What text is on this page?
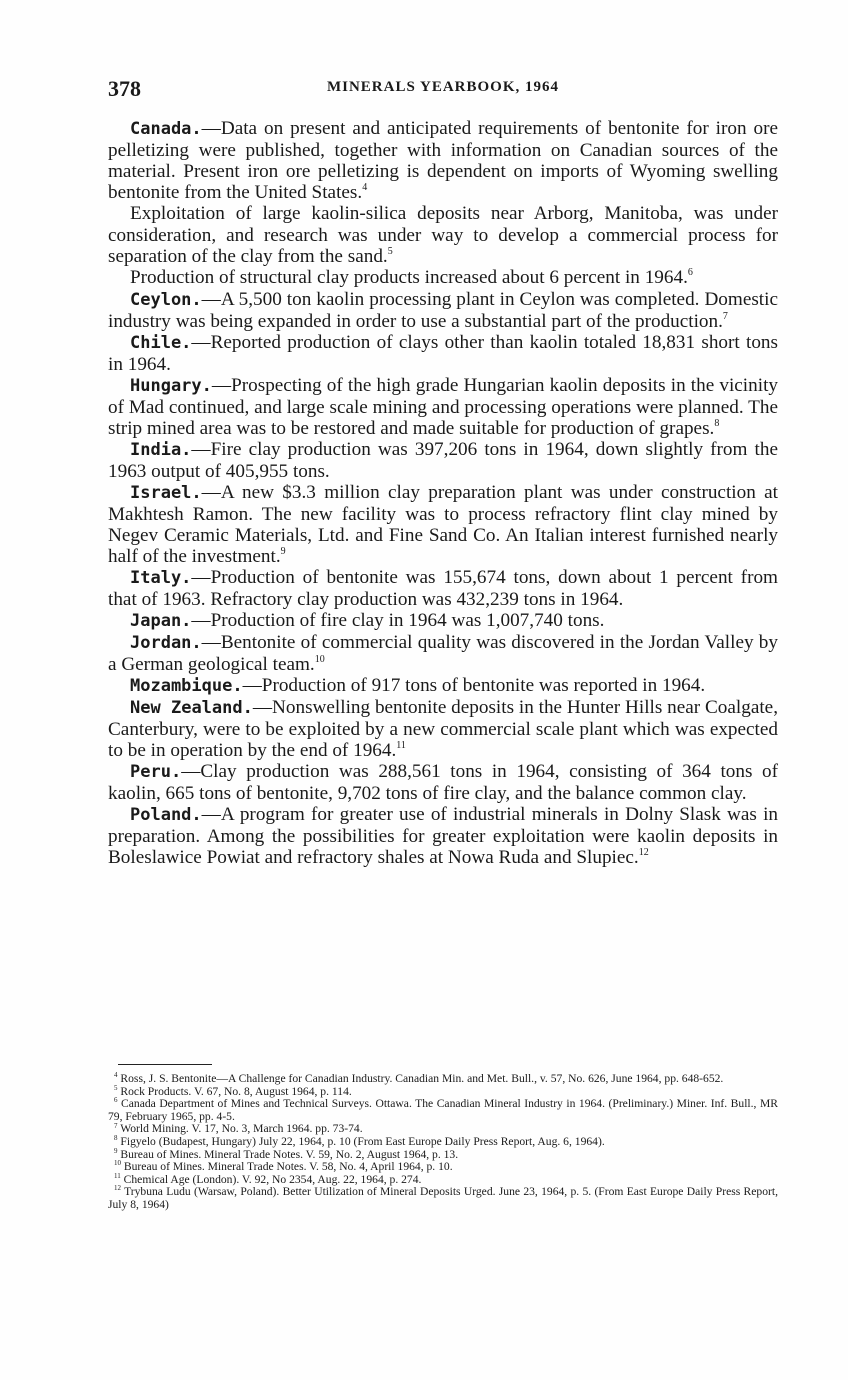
378	MINERALS YEARBOOK, 1964

Canada.—Data on present and anticipated requirements of bentonite for iron ore pelletizing were published, together with information on Canadian sources of the material. Present iron ore pelletizing is dependent on imports of Wyoming swelling bentonite from the United States.$^4$

Exploitation of large kaolin-silica deposits near Arborg, Manitoba, was under consideration, and research was under way to develop a commercial process for separation of the clay from the sand.$^5$

Production of structural clay products increased about 6 percent in 1964.$^6$

Ceylon.—A 5,500 ton kaolin processing plant in Ceylon was completed. Domestic industry was being expanded in order to use a substantial part of the production.$^7$

Chile.—Reported production of clays other than kaolin totaled 18,831 short tons in 1964.

Hungary.—Prospecting of the high grade Hungarian kaolin deposits in the vicinity of Mad continued, and large scale mining and processing operations were planned. The strip mined area was to be restored and made suitable for production of grapes.$^8$

India.—Fire clay production was 397,206 tons in 1964, down slightly from the 1963 output of 405,955 tons.

Israel.—A new $3.3 million clay preparation plant was under construction at Makhtesh Ramon. The new facility was to process refractory flint clay mined by Negev Ceramic Materials, Ltd. and Fine Sand Co. An Italian interest furnished nearly half of the investment.$^9$

Italy.—Production of bentonite was 155,674 tons, down about 1 percent from that of 1963. Refractory clay production was 432,239 tons in 1964.

Japan.—Production of fire clay in 1964 was 1,007,740 tons.

Jordan.—Bentonite of commercial quality was discovered in the Jordan Valley by a German geological team.$^{10}$

Mozambique.—Production of 917 tons of bentonite was reported in 1964.

New Zealand.—Nonswelling bentonite deposits in the Hunter Hills near Coalgate, Canterbury, were to be exploited by a new commercial scale plant which was expected to be in operation by the end of 1964.11

Peru.—Clay production was 288,561 tons in 1964, consisting of 364 tons of kaolin, 665 tons of bentonite, 9,702 tons of fire clay, and the balance common clay.

Poland.—A program for greater use of industrial minerals in Dolny Slask was in preparation. Among the possibilities for greater exploitation were kaolin deposits in Boleslawice Powiat and refractory shales at Nowa Ruda and Slupiec.$^{12}$

$^4$ Ross, J. S. Bentonite—A Challenge for Canadian Industry. Canadian Min. and Met. Bull., v. 57, No. 626, June 1964, pp. 648-652.

$^5$ Rock Products. V. 67, No. 8, August 1964, p. 114.

$^6$ Canada Department of Mines and Technical Surveys. Ottawa. The Canadian Mineral Industry in 1964. (Preliminary.) Miner. Inf. Bull., MR 79, February 1965, pp. 4-5.

$^7$ World Mining. V. 17, No. 3, March 1964. pp. 73-74.

$^8$ Figyelo (Budapest, Hungary) July 22, 1964, p. 10 (From East Europe Daily Press Report, Aug. 6, 1964).

$^9$ Bureau of Mines. Mineral Trade Notes. V. 59, No. 2, August 1964, p. 13.

$^{10}$ Bureau of Mines. Mineral Trade Notes. V. 58, No. 4, April 1964, p. 10.

$^{11}$ Chemical Age (London). V. 92, No 2354, Aug. 22, 1964, p. 274.

$^{12}$ Trybuna Ludu (Warsaw, Poland). Better Utilization of Mineral Deposits Urged. June 23, 1964, p. 5. (From East Europe Daily Press Report, July 8, 1964)
